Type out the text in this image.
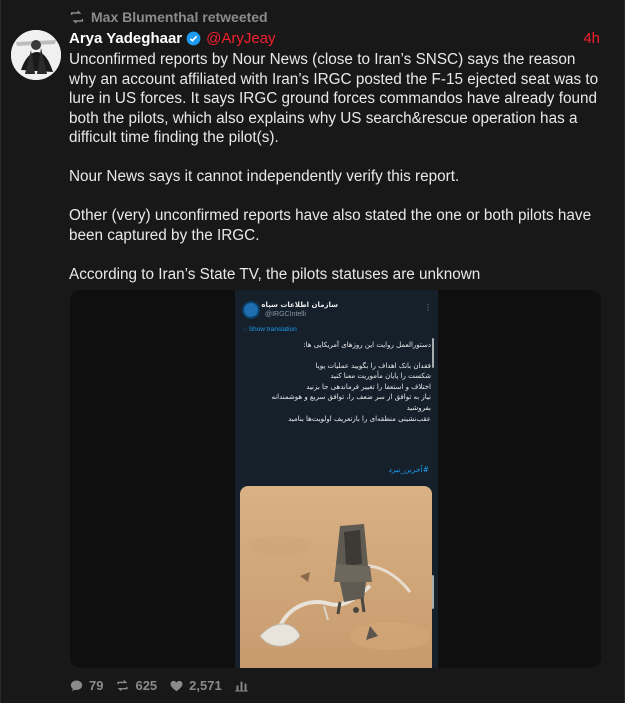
Max Blumenthal retweeted
Arya Yadeghaar @AryJeay	4h

Unconfirmed reports by Nour News (close to Iran’s SNSC) says the reason why an account affiliated with Iran’s IRGC posted the F-15 ejected seat was to lure in US forces. It says IRGC ground forces commandos have already found both the pilots, which also explains why US search&rescue operation has a difficult time finding the pilot(s).

Nour News says it cannot independently verify this report.

Other (very) unconfirmed reports have also stated the one or both pilots have been captured by the IRGC.

According to Iran’s State TV, the pilots statuses are unknown

سازمان اطلاعات سپاه
@IRGCIntelli
⋮
◌ Show translation
دستورالعمل روایت این روزهای آمریکایی ها:
فقدان بانک اهداف را بگویید عملیات پویا
شکست را پایان مأموریت معنا کنید
اختلاف و استعفا را تغییر فرماندهی جا بزنید
نیاز به توافق از سر ضعف را، توافق سریع و هوشمندانه
بفروشید
عقب‌نشینی منطقه‌ای را بازتعریف اولویت‌ها بنامید
#آخرین_نبرد
79 625 2,571
